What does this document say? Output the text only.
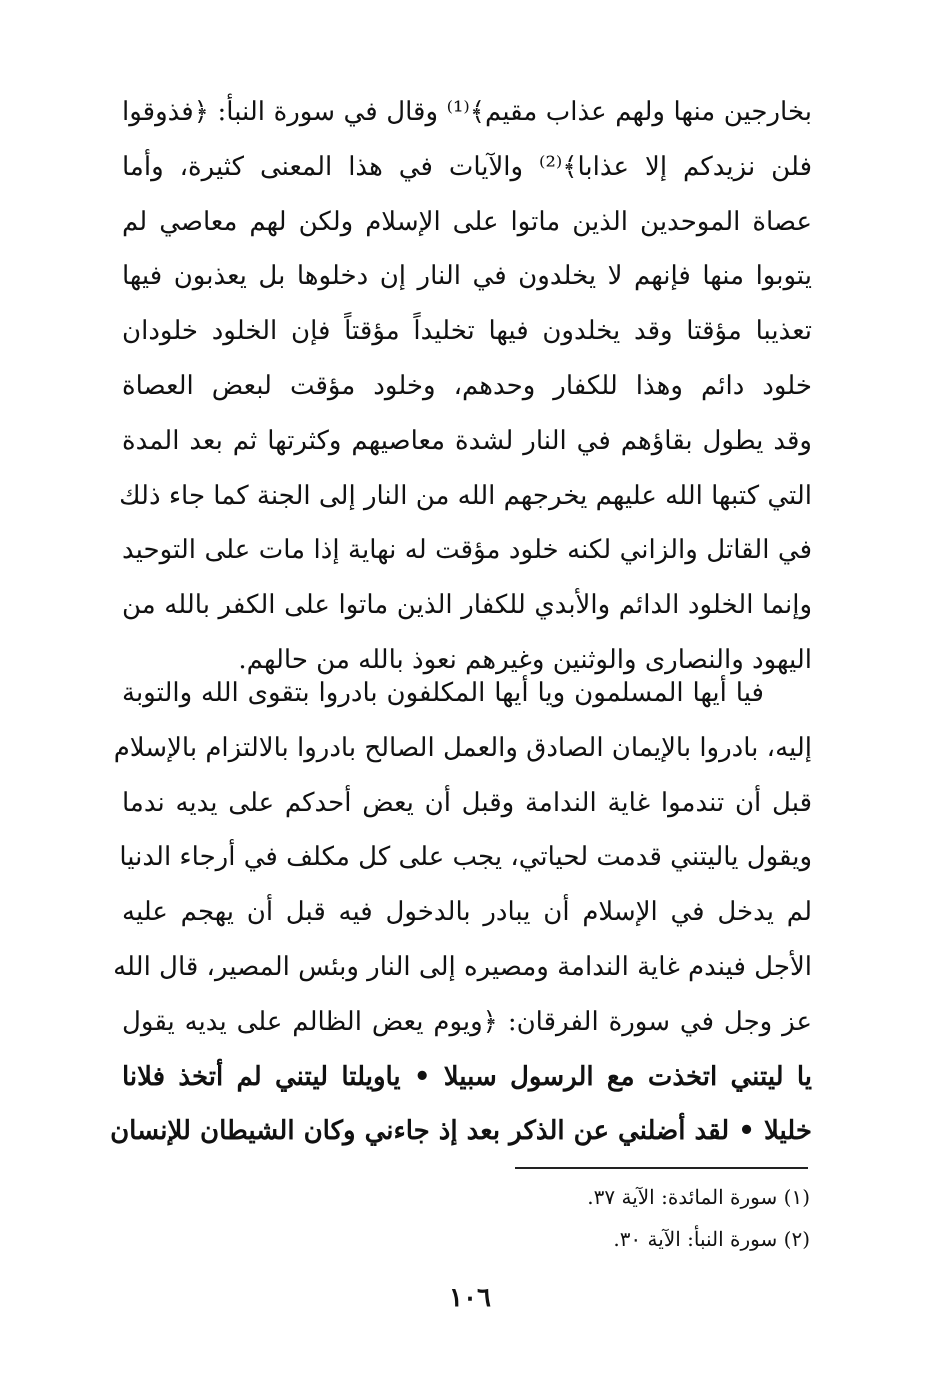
بخارجين منها ولهم عذاب مقيم﴾⁽¹⁾ وقال في سورة النبأ: ﴿فذوقوا
فلن نزيدكم إلا عذابا﴾⁽²⁾ والآيات في هذا المعنى كثيرة، وأما
عصاة الموحدين الذين ماتوا على الإسلام ولكن لهم معاصي لم
يتوبوا منها فإنهم لا يخلدون في النار إن دخلوها بل يعذبون فيها
تعذيبا مؤقتا وقد يخلدون فيها تخليداً مؤقتاً فإن الخلود خلودان
خلود دائم وهذا للكفار وحدهم، وخلود مؤقت لبعض العصاة
وقد يطول بقاؤهم في النار لشدة معاصيهم وكثرتها ثم بعد المدة
التي كتبها الله عليهم يخرجهم الله من النار إلى الجنة كما جاء ذلك
في القاتل والزاني لكنه خلود مؤقت له نهاية إذا مات على التوحيد
وإنما الخلود الدائم والأبدي للكفار الذين ماتوا على الكفر بالله من
اليهود والنصارى والوثنين وغيرهم نعوذ بالله من حالهم.
فيا أيها المسلمون ويا أيها المكلفون بادروا بتقوى الله والتوبة
إليه، بادروا بالإيمان الصادق والعمل الصالح بادروا بالالتزام بالإسلام
قبل أن تندموا غاية الندامة وقبل أن يعض أحدكم على يديه ندما
ويقول ياليتني قدمت لحياتي، يجب على كل مكلف في أرجاء الدنيا
لم يدخل في الإسلام أن يبادر بالدخول فيه قبل أن يهجم عليه
الأجل فيندم غاية الندامة ومصيره إلى النار وبئس المصير، قال الله
عز وجل في سورة الفرقان: ﴿ويوم يعض الظالم على يديه يقول
يا ليتني اتخذت مع الرسول سبيلا • ياويلتا ليتني لم أتخذ فلانا
خليلا • لقد أضلني عن الذكر بعد إذ جاءني وكان الشيطان للإنسان
(١) سورة المائدة: الآية ٣٧.
(٢) سورة النبأ: الآية ٣٠.
١٠٦
